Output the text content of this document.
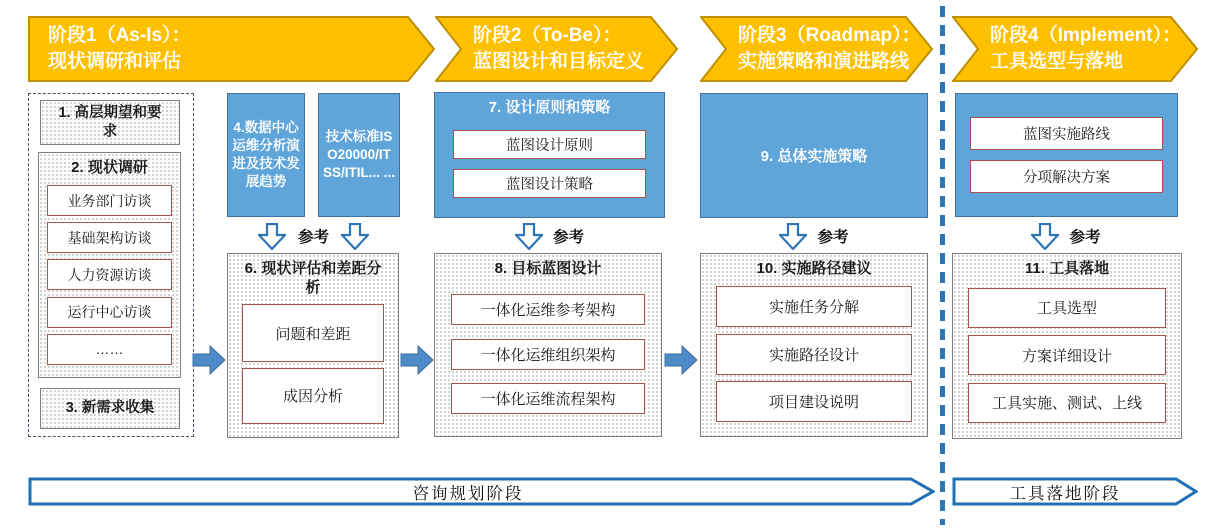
阶段1（As-Is）：
现状调研和评估
阶段2（To-Be）：
蓝图设计和目标定义
阶段3（Roadmap）：
实施策略和演进路线
阶段4（Implement）：
工具选型与落地
1. 高层期望和要求
2. 现状调研
业务部门访谈
基础架构访谈
人力资源访谈
运行中心访谈
……
3. 新需求收集
4.数据中心运维分析演进及技术发展趋势
技术标准ISO20000/ITSS/ITIL... ...
参考
6. 现状评估和差距分析
问题和差距
成因分析
7. 设计原则和策略
蓝图设计原则
蓝图设计策略
参考
8. 目标蓝图设计
一体化运维参考架构
一体化运维组织架构
一体化运维流程架构
9. 总体实施策略
参考
10. 实施路径建议
实施任务分解
实施路径设计
项目建设说明
蓝图实施路线
分项解决方案
参考
11. 工具落地
工具选型
方案详细设计
工具实施、测试、上线
咨询规划阶段	工具落地阶段
